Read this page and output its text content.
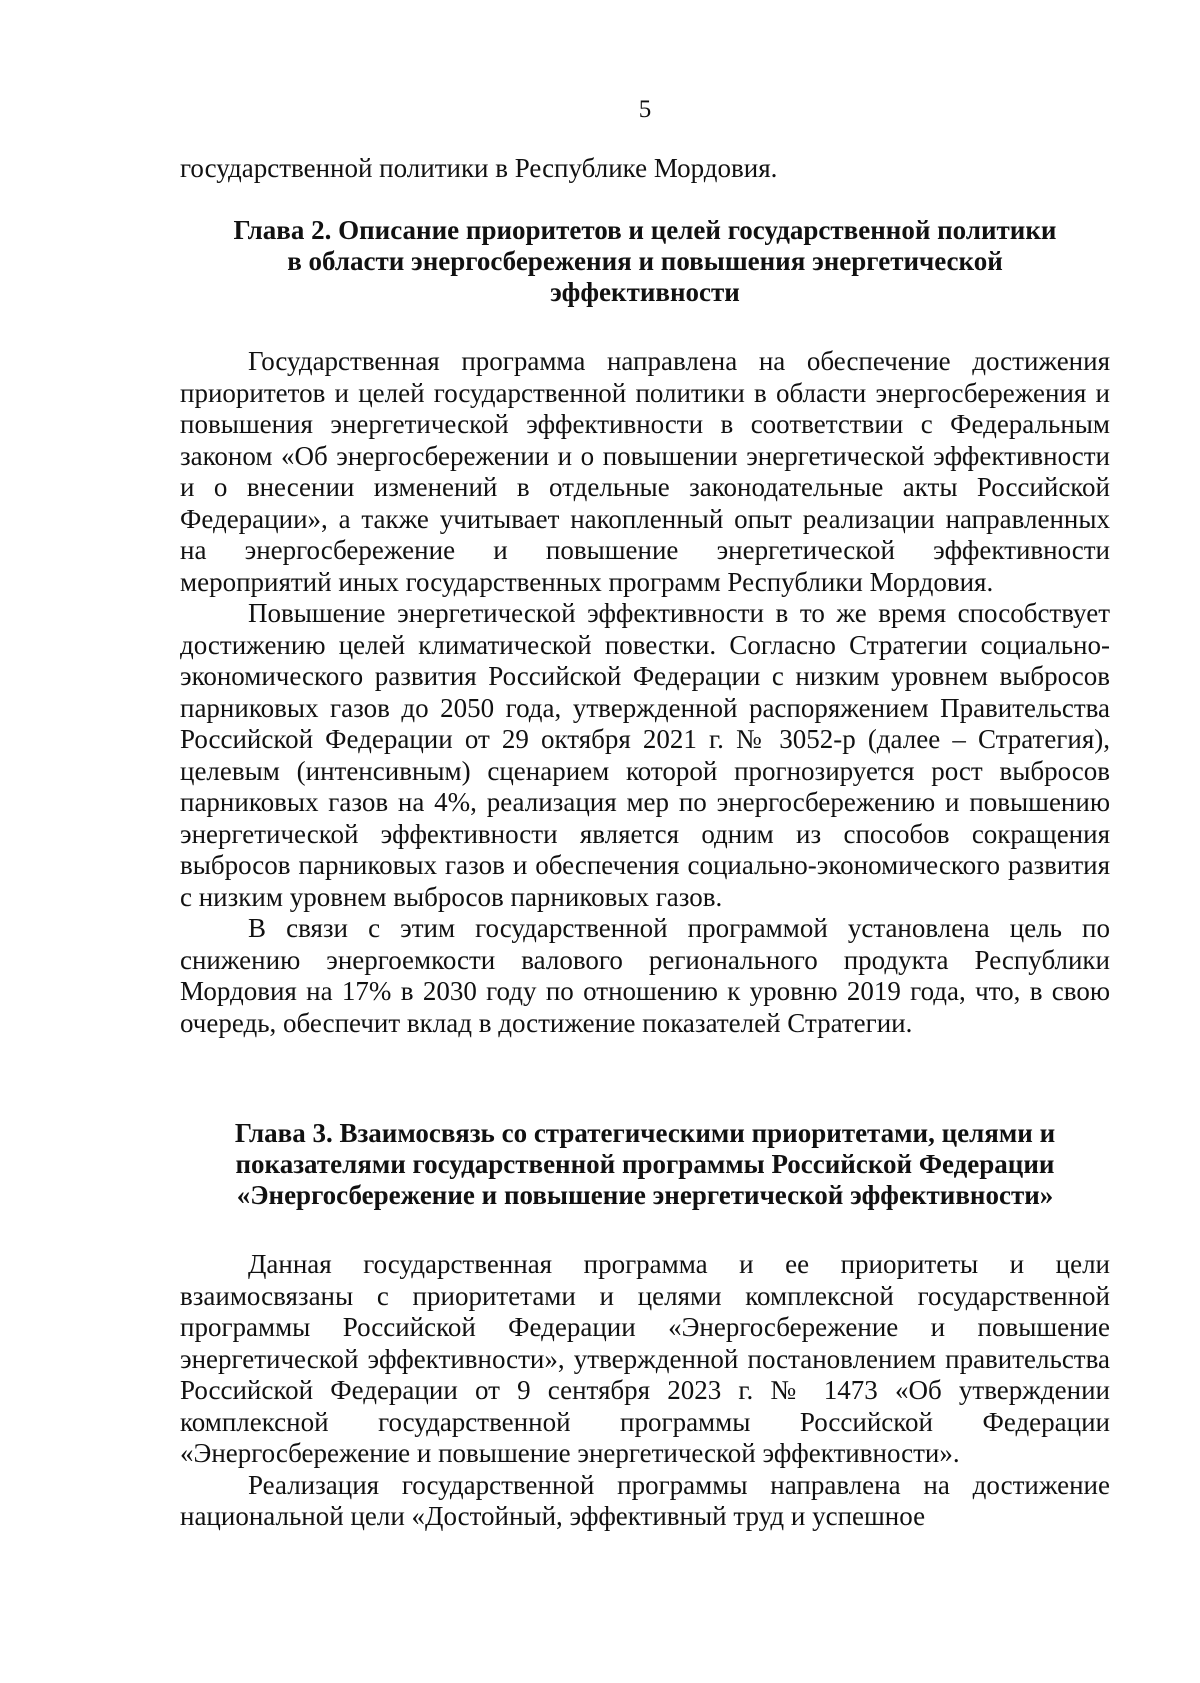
5
государственной политики в Республике Мордовия.
Глава 2. Описание приоритетов и целей государственной политики
в области энергосбережения и повышения энергетической
эффективности

Государственная программа направлена на обеспечение достижения приоритетов и целей государственной политики в области энергосбережения и повышения энергетической эффективности в соответствии с Федеральным законом «Об энергосбережении и о повышении энергетической эффективности и о внесении изменений в отдельные законодательные акты Российской Федерации», а также учитывает накопленный опыт реализации направленных на энергосбережение и повышение энергетической эффективности мероприятий иных государственных программ Республики Мордовия.

Повышение энергетической эффективности в то же время способствует достижению целей климатической повестки. Согласно Стратегии социально-экономического развития Российской Федерации с низким уровнем выбросов парниковых газов до 2050 года, утвержденной распоряжением Правительства Российской Федерации от 29 октября 2021 г. № 3052-р (далее – Стратегия), целевым (интенсивным) сценарием которой прогнозируется рост выбросов парниковых газов на 4%, реализация мер по энергосбережению и повышению энергетической эффективности является одним из способов сокращения выбросов парниковых газов и обеспечения социально-экономического развития с низким уровнем выбросов парниковых газов.

В связи с этим государственной программой установлена цель по снижению энергоемкости валового регионального продукта Республики Мордовия на 17% в 2030 году по отношению к уровню 2019 года, что, в свою очередь, обеспечит вклад в достижение показателей Стратегии.

Глава 3. Взаимосвязь со стратегическими приоритетами, целями и
показателями государственной программы Российской Федерации
«Энергосбережение и повышение энергетической эффективности»

Данная государственная программа и ее приоритеты и цели взаимосвязаны с приоритетами и целями комплексной государственной программы Российской Федерации «Энергосбережение и повышение энергетической эффективности», утвержденной постановлением правительства Российской Федерации от 9 сентября 2023 г. № 1473 «Об утверждении комплексной государственной программы Российской Федерации «Энергосбережение и повышение энергетической эффективности».

Реализация государственной программы направлена на достижение национальной цели «Достойный, эффективный труд и успешное
